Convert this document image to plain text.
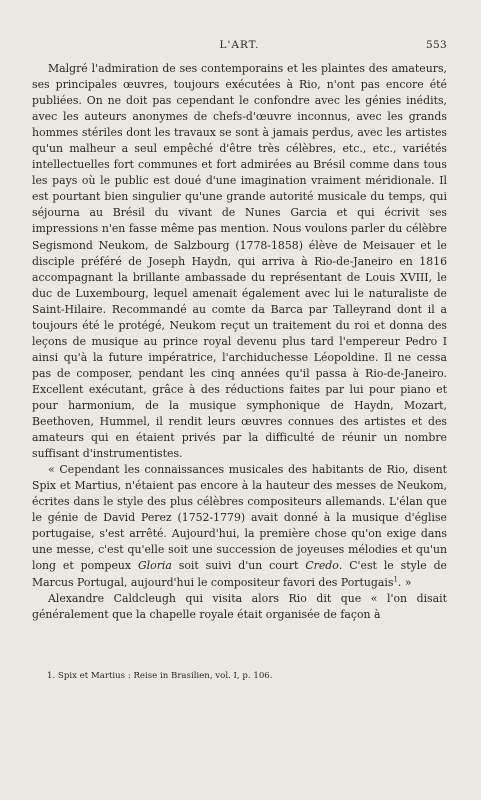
L'ART.	553

Malgré l'admiration de ses contemporains et les plaintes des amateurs, ses principales œuvres, toujours exécutées à Rio, n'ont pas encore été publiées. On ne doit pas cependant le confondre avec les génies inédits, avec les auteurs anonymes de chefs-d'œuvre inconnus, avec les grands hommes stériles dont les travaux se sont à jamais perdus, avec les artistes qu'un malheur a seul empêché d'être très célèbres, etc., etc., variétés intellectuelles fort communes et fort admirées au Brésil comme dans tous les pays où le public est doué d'une imagination vraiment méridionale. Il est pourtant bien singulier qu'une grande autorité musicale du temps, qui séjourna au Brésil du vivant de Nunes Garcia et qui écrivit ses impressions n'en fasse même pas mention. Nous voulons parler du célèbre Segismond Neukom, de Salzbourg (1778-1858) élève de Meisauer et le disciple préféré de Joseph Haydn, qui arriva à Rio-de-Janeiro en 1816 accompagnant la brillante ambassade du représentant de Louis XVIII, le duc de Luxembourg, lequel amenait également avec lui le naturaliste de Saint-Hilaire. Recommandé au comte da Barca par Talleyrand dont il a toujours été le protégé, Neukom reçut un traitement du roi et donna des leçons de musique au prince royal devenu plus tard l'empereur Pedro I ainsi qu'à la future impératrice, l'archiduchesse Léopoldine. Il ne cessa pas de composer, pendant les cinq années qu'il passa à Rio-de-Janeiro. Excellent exécutant, grâce à des réductions faites par lui pour piano et pour harmonium, de la musique symphonique de Haydn, Mozart, Beethoven, Hummel, il rendit leurs œuvres connues des artistes et des amateurs qui en étaient privés par la difficulté de réunir un nombre suffisant d'instrumentistes.

« Cependant les connaissances musicales des habitants de Rio, disent Spix et Martius, n'étaient pas encore à la hauteur des messes de Neukom, écrites dans le style des plus célèbres compositeurs allemands. L'élan que le génie de David Perez (1752-1779) avait donné à la musique d'église portugaise, s'est arrêté. Aujourd'hui, la première chose qu'on exige dans une messe, c'est qu'elle soit une succession de joyeuses mélodies et qu'un long et pompeux Gloria soit suivi d'un court Credo. C'est le style de Marcus Portugal, aujourd'hui le compositeur favori des Portugais$^1$. »

Alexandre Caldcleugh qui visita alors Rio dit que « l'on disait généralement que la chapelle royale était organisée de façon à

1. Spix et Martius : Reise in Brasilien, vol. I, p. 106.
